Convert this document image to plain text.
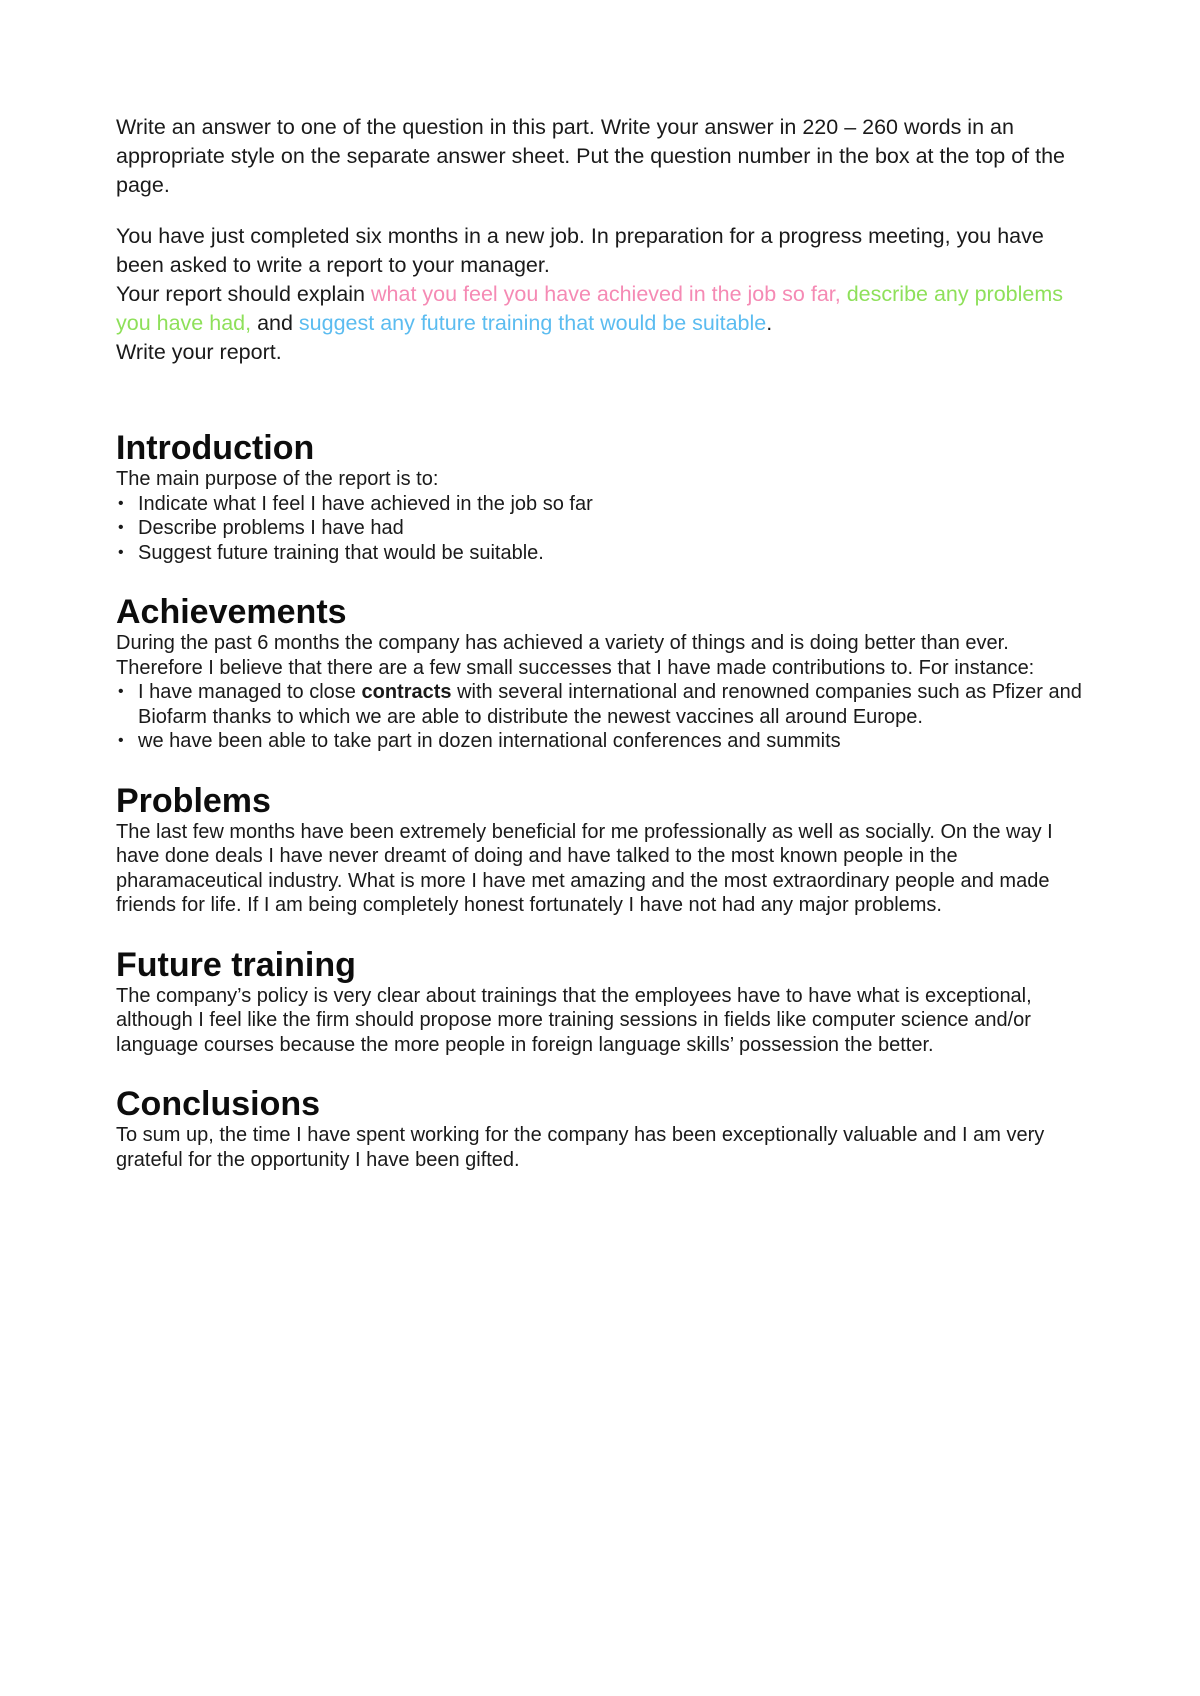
Write an answer to one of the question in this part. Write your answer in 220 – 260 words in an appropriate style on the separate answer sheet. Put the question number in the box at the top of the page.

You have just completed six months in a new job. In preparation for a progress meeting, you have been asked to write a report to your manager.

Your report should explain what you feel you have achieved in the job so far, describe any problems you have had, and suggest any future training that would be suitable.

Write your report.

Introduction

The main purpose of the report is to:

• Indicate what I feel I have achieved in the job so far
• Describe problems I have had
• Suggest future training that would be suitable.
Achievements

During the past 6 months the company has achieved a variety of things and is doing better than ever. Therefore I believe that there are a few small successes that I have made contributions to. For instance:

• I have managed to close contracts with several international and renowned companies such as Pfizer and Biofarm thanks to which we are able to distribute the newest vaccines all around Europe.
• we have been able to take part in dozen international conferences and summits
Problems

The last few months have been extremely beneficial for me professionally as well as socially. On the way I have done deals I have never dreamt of doing and have talked to the most known people in the pharamaceutical industry. What is more I have met amazing and the most extraordinary people and made friends for life. If I am being completely honest fortunately I have not had any major problems.

Future training

The company’s policy is very clear about trainings that the employees have to have what is exceptional, although I feel like the firm should propose more training sessions in fields like computer science and/or language courses because the more people in foreign language skills’ possession the better.

Conclusions

To sum up, the time I have spent working for the company has been exceptionally valuable and I am very grateful for the opportunity I have been gifted.
